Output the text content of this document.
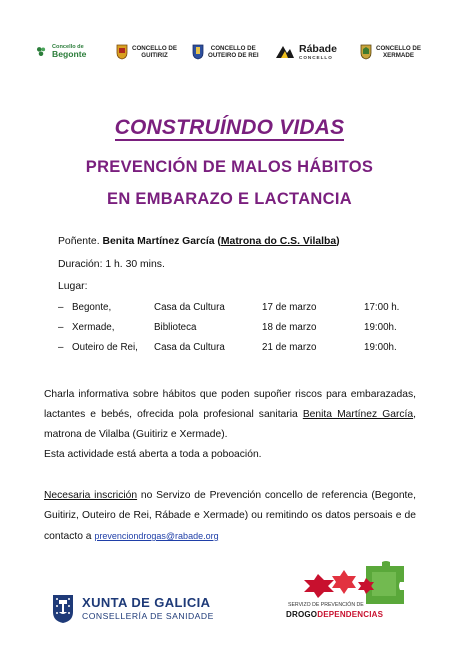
Concello de
Begonte
CONCELLO DE
GUITIRIZ
CONCELLO DE
OUTEIRO DE REI
Rábade
CONCELLO
CONCELLO DE
XERMADE
CONSTRUÍNDO VIDAS
PREVENCIÓN DE MALOS HÁBITOS
EN EMBARAZO E LACTANCIA
Poñente. Benita Martínez García (Matrona do C.S. Vilalba)
Duración: 1 h. 30 mins.
Lugar:
– Begonte,	Casa da Cultura	17 de marzo	17:00 h.
– Xermade,	Biblioteca	18 de marzo	19:00h.
– Outeiro de Rei, Casa da Cultura	21 de marzo	19:00h.
Charla informativa sobre hábitos que poden supoñer riscos para embarazadas, lactantes e bebés, ofrecida pola profesional sanitaria Benita Martínez García, matrona de Vilalba (Guitiriz e Xermade).
Esta actividade está aberta a toda a poboación.
Necesaria inscrición no Servizo de Prevención concello de referencia (Begonte, Guitiriz, Outeiro de Rei, Rábade e Xermade) ou remitindo os datos persoais e de contacto a prevenciondrogas@rabade.org
XUNTA DE GALICIA
CONSELLERÍA DE SANIDADE
SERVIZO DE PREVENCIÓN DE
DROGODEPENDENCIAS
